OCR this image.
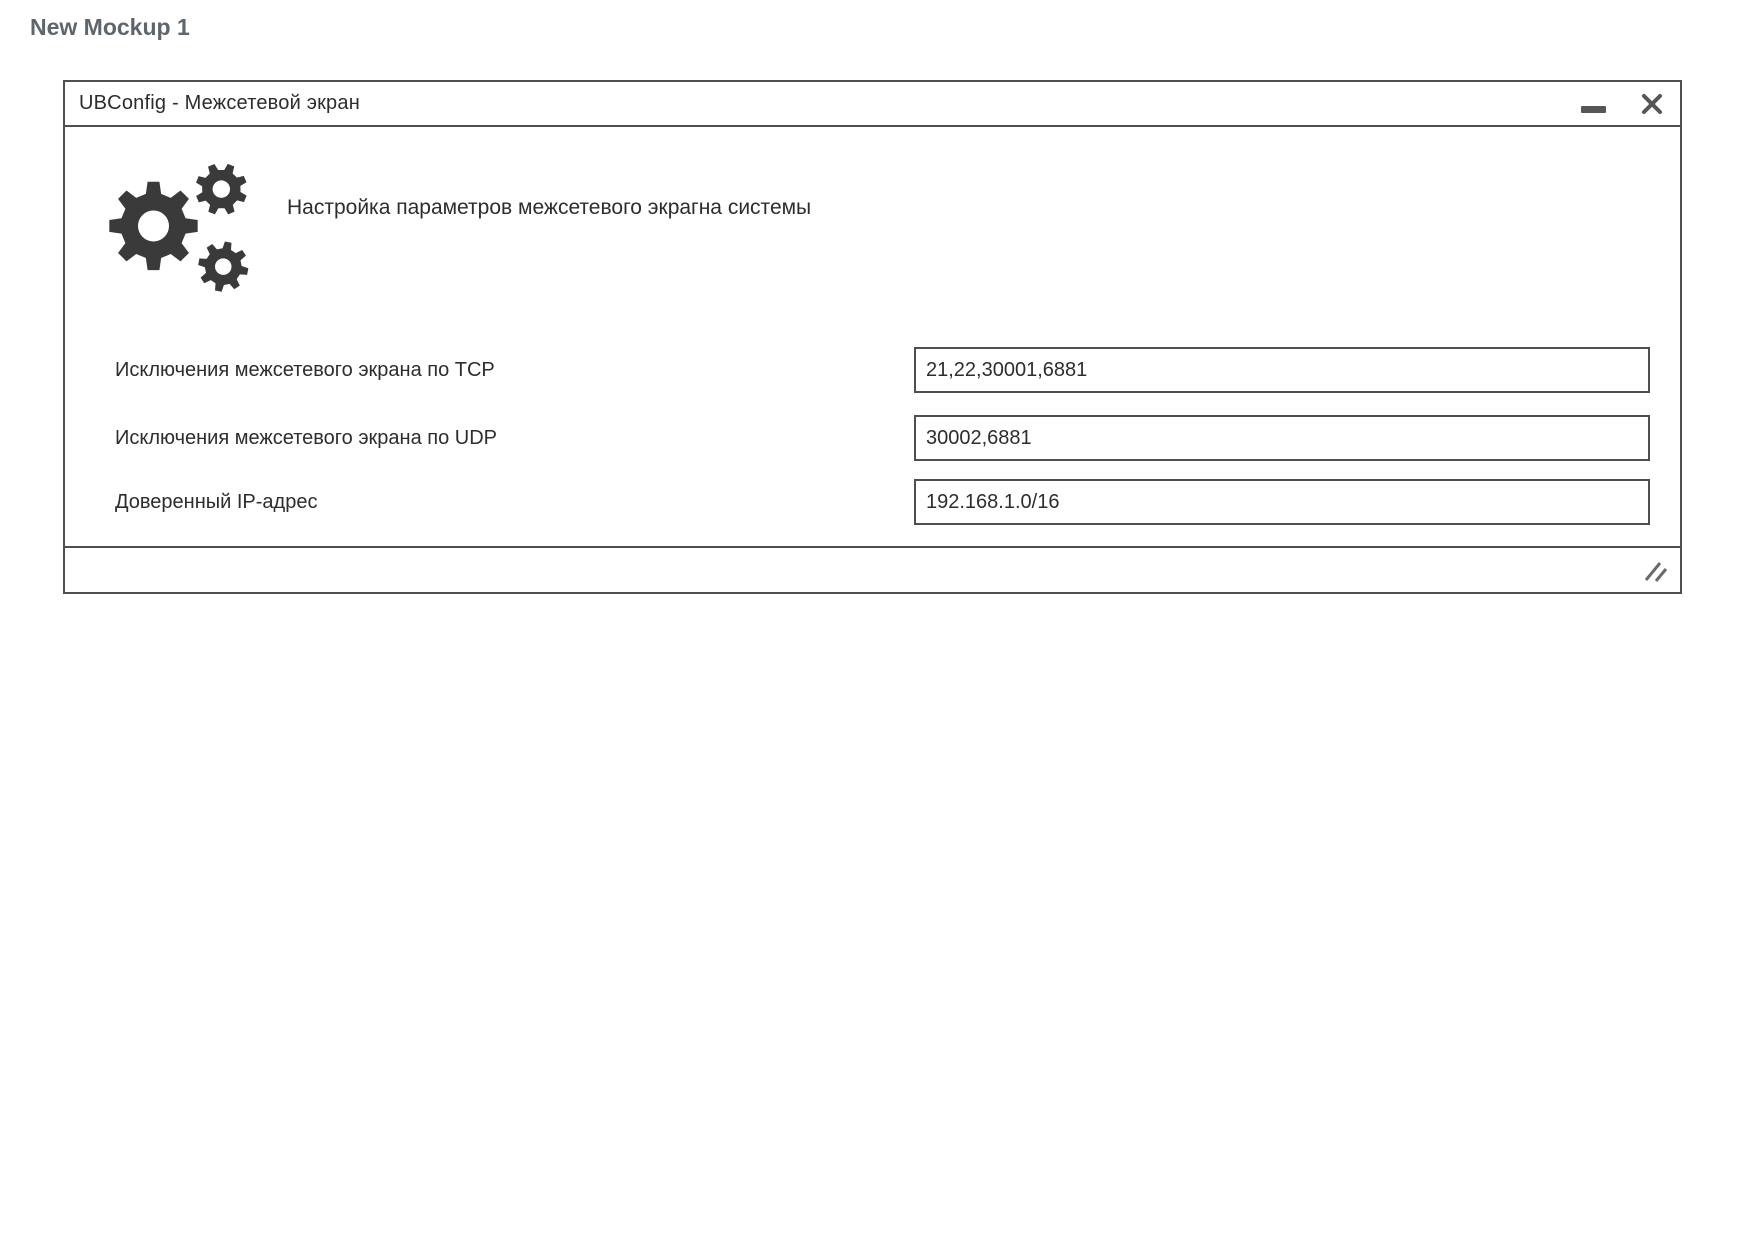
New Mockup 1
UBConfig - Межсетевой экран
Настройка параметров межсетевого экрагна системы
Исключения межсетевого экрана по TCP
21,22,30001,6881
Исключения межсетевого экрана по UDP
30002,6881
Доверенный IP-адрес
192.168.1.0/16
